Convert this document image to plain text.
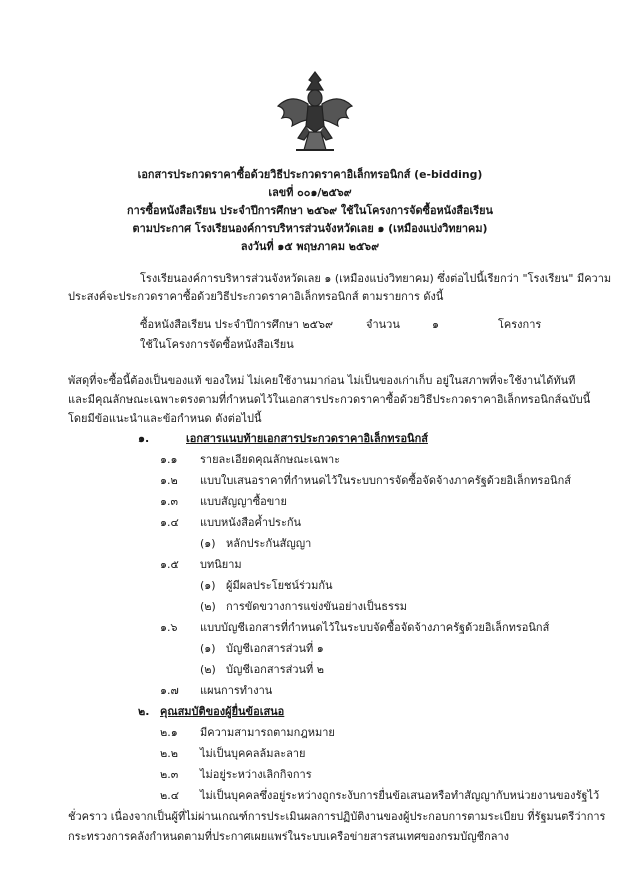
เอกสารประกวดราคาซื้อด้วยวิธีประกวดราคาอิเล็กทรอนิกส์ (e-bidding)
เลขที่ ๐๐๑/๒๕๖๙
การซื้อหนังสือเรียน ประจำปีการศึกษา ๒๕๖๙ ใช้ในโครงการจัดซื้อหนังสือเรียน
ตามประกาศ โรงเรียนองค์การบริหารส่วนจังหวัดเลย ๑ (เหมืองแบ่งวิทยาคม)
ลงวันที่ ๑๕ พฤษภาคม ๒๕๖๙
โรงเรียนองค์การบริหารส่วนจังหวัดเลย ๑ (เหมืองแบ่งวิทยาคม) ซึ่งต่อไปนี้เรียกว่า "โรงเรียน" มีความ
ประสงค์จะประกวดราคาซื้อด้วยวิธีประกวดราคาอิเล็กทรอนิกส์ ตามรายการ ดังนี้
ซื้อหนังสือเรียน ประจำปีการศึกษา ๒๕๖๙	จำนวน	๑	โครงการ
ใช้ในโครงการจัดซื้อหนังสือเรียน
พัสดุที่จะซื้อนี้ต้องเป็นของแท้ ของใหม่ ไม่เคยใช้งานมาก่อน ไม่เป็นของเก่าเก็บ อยู่ในสภาพที่จะใช้งานได้ทันที
และมีคุณลักษณะเฉพาะตรงตามที่กำหนดไว้ในเอกสารประกวดราคาซื้อด้วยวิธีประกวดราคาอิเล็กทรอนิกส์ฉบับนี้
โดยมีข้อแนะนำและข้อกำหนด ดังต่อไปนี้
๑.	เอกสารแนบท้ายเอกสารประกวดราคาอิเล็กทรอนิกส์
๑.๑ รายละเอียดคุณลักษณะเฉพาะ
๑.๒ แบบใบเสนอราคาที่กำหนดไว้ในระบบการจัดซื้อจัดจ้างภาครัฐด้วยอิเล็กทรอนิกส์
๑.๓ แบบสัญญาซื้อขาย
๑.๔ แบบหนังสือค้ำประกัน
(๑) หลักประกันสัญญา
๑.๕ บทนิยาม
(๑) ผู้มีผลประโยชน์ร่วมกัน
(๒) การขัดขวางการแข่งขันอย่างเป็นธรรม
๑.๖ แบบบัญชีเอกสารที่กำหนดไว้ในระบบจัดซื้อจัดจ้างภาครัฐด้วยอิเล็กทรอนิกส์
(๑) บัญชีเอกสารส่วนที่ ๑
(๒) บัญชีเอกสารส่วนที่ ๒
๑.๗ แผนการทำงาน
๒. คุณสมบัติของผู้ยื่นข้อเสนอ
๒.๑ มีความสามารถตามกฎหมาย
๒.๒ ไม่เป็นบุคคลล้มละลาย
๒.๓ ไม่อยู่ระหว่างเลิกกิจการ
๒.๔ ไม่เป็นบุคคลซึ่งอยู่ระหว่างถูกระงับการยื่นข้อเสนอหรือทำสัญญากับหน่วยงานของรัฐไว้
ชั่วคราว เนื่องจากเป็นผู้ที่ไม่ผ่านเกณฑ์การประเมินผลการปฏิบัติงานของผู้ประกอบการตามระเบียบ ที่รัฐมนตรีว่าการ
กระทรวงการคลังกำหนดตามที่ประกาศเผยแพร่ในระบบเครือข่ายสารสนเทศของกรมบัญชีกลาง
